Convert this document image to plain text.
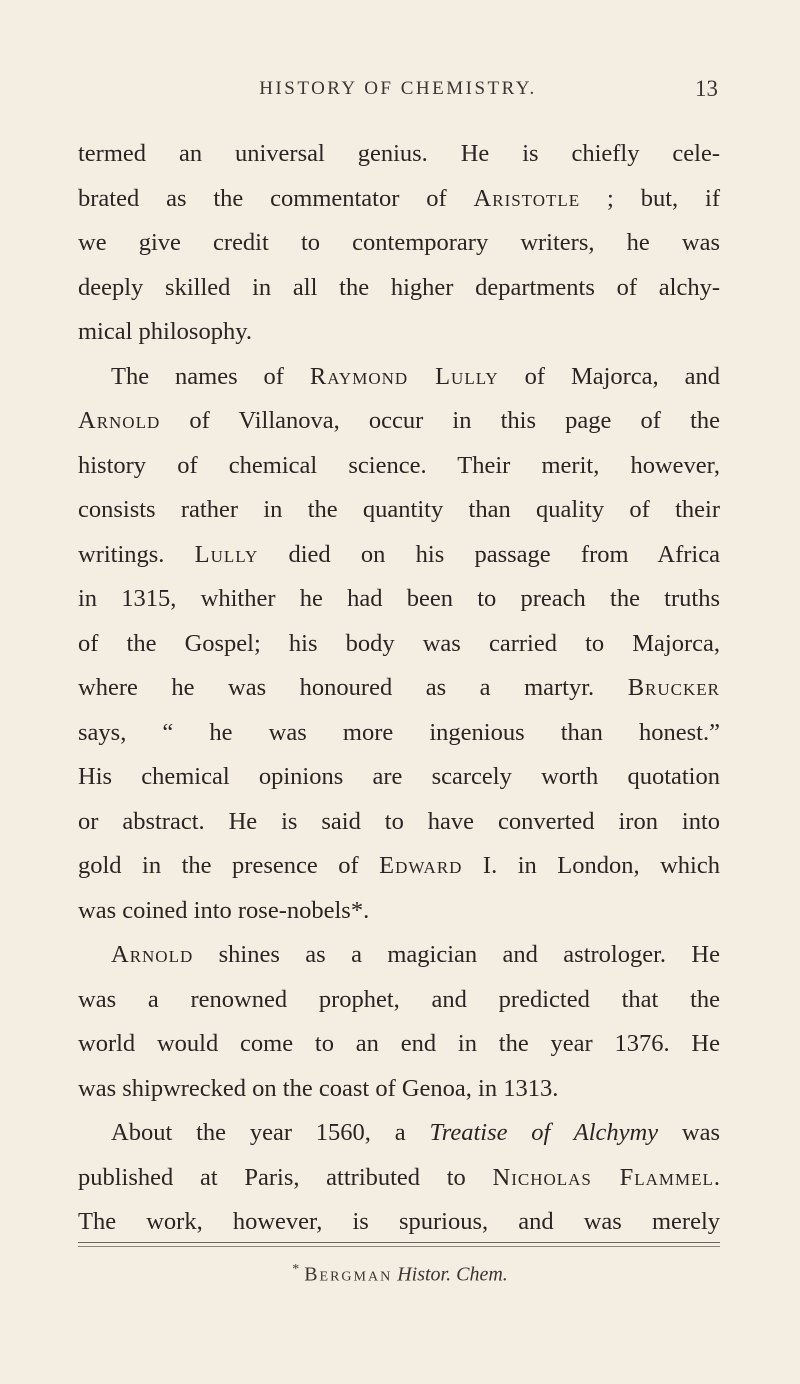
HISTORY OF CHEMISTRY.	13
termed an universal genius. He is chiefly cele-
brated as the commentator of Aristotle ; but, if
we give credit to contemporary writers, he was
deeply skilled in all the higher departments of alchy-
mical philosophy.
The names of Raymond Lully of Majorca, and
Arnold of Villanova, occur in this page of the
history of chemical science. Their merit, however,
consists rather in the quantity than quality of their
writings. Lully died on his passage from Africa
in 1315, whither he had been to preach the truths
of the Gospel; his body was carried to Majorca,
where he was honoured as a martyr. Brucker
says, “ he was more ingenious than honest.”
His chemical opinions are scarcely worth quotation
or abstract. He is said to have converted iron into
gold in the presence of Edward I. in London, which
was coined into rose-nobels*.
Arnold shines as a magician and astrologer. He
was a renowned prophet, and predicted that the
world would come to an end in the year 1376. He
was shipwrecked on the coast of Genoa, in 1313.
About the year 1560, a Treatise of Alchymy was
published at Paris, attributed to Nicholas Flammel.
The work, however, is spurious, and was merely
* Bergman Histor. Chem.
